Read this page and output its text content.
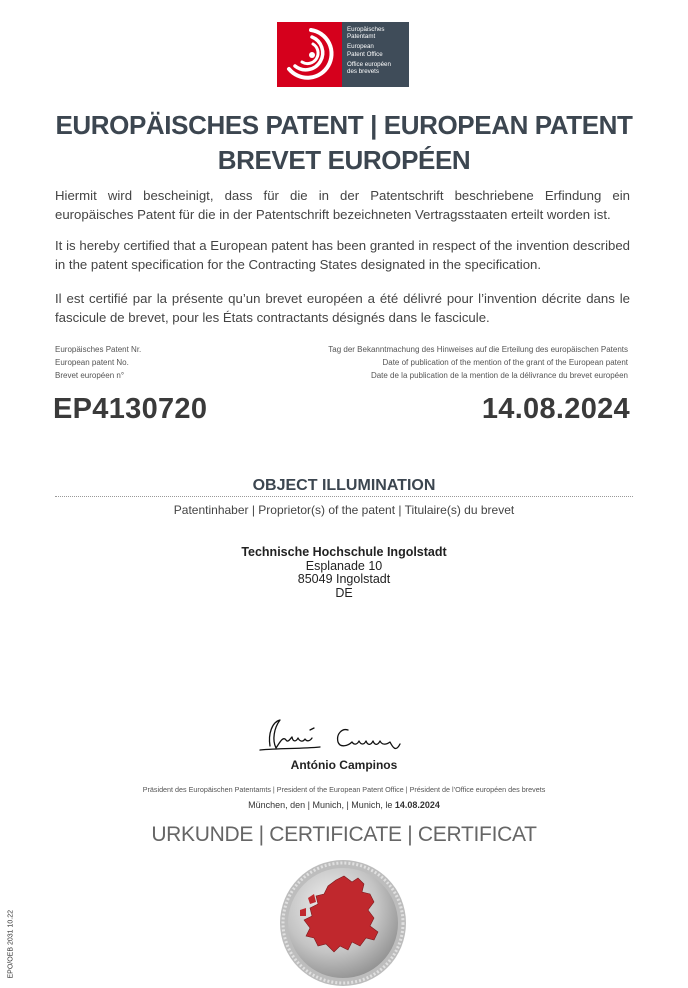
Europäisches
Patentamt
European
Patent Office
Office européen
des brevets
EUROPÄISCHES PATENT | EUROPEAN PATENT
BREVET EUROPÉEN
Hiermit wird bescheinigt, dass für die in der Patentschrift beschriebene Erfindung ein europäisches Patent für die in der Patentschrift bezeichneten Vertragsstaaten erteilt worden ist.
It is hereby certified that a European patent has been granted in respect of the invention described in the patent specification for the Contracting States designated in the specification.
Il est certifié par la présente qu’un brevet européen a été délivré pour l’invention décrite dans le fascicule de brevet, pour les États contractants désignés dans le fascicule.
Europäisches Patent Nr.
European patent No.
Brevet européen n°
Tag der Bekanntmachung des Hinweises auf die Erteilung des europäischen Patents
Date of publication of the mention of the grant of the European patent
Date de la publication de la mention de la délivrance du brevet européen
EP4130720	14.08.2024
OBJECT ILLUMINATION
Patentinhaber | Proprietor(s) of the patent | Titulaire(s) du brevet
Technische Hochschule Ingolstadt
Esplanade 10
85049 Ingolstadt
DE
António Campinos
Präsident des Europäischen Patentamts | President of the European Patent Office | Président de l’Office européen des brevets
München, den | Munich, | Munich, le 14.08.2024
URKUNDE | CERTIFICATE | CERTIFICAT
EPO/OEB 2031 10.22
